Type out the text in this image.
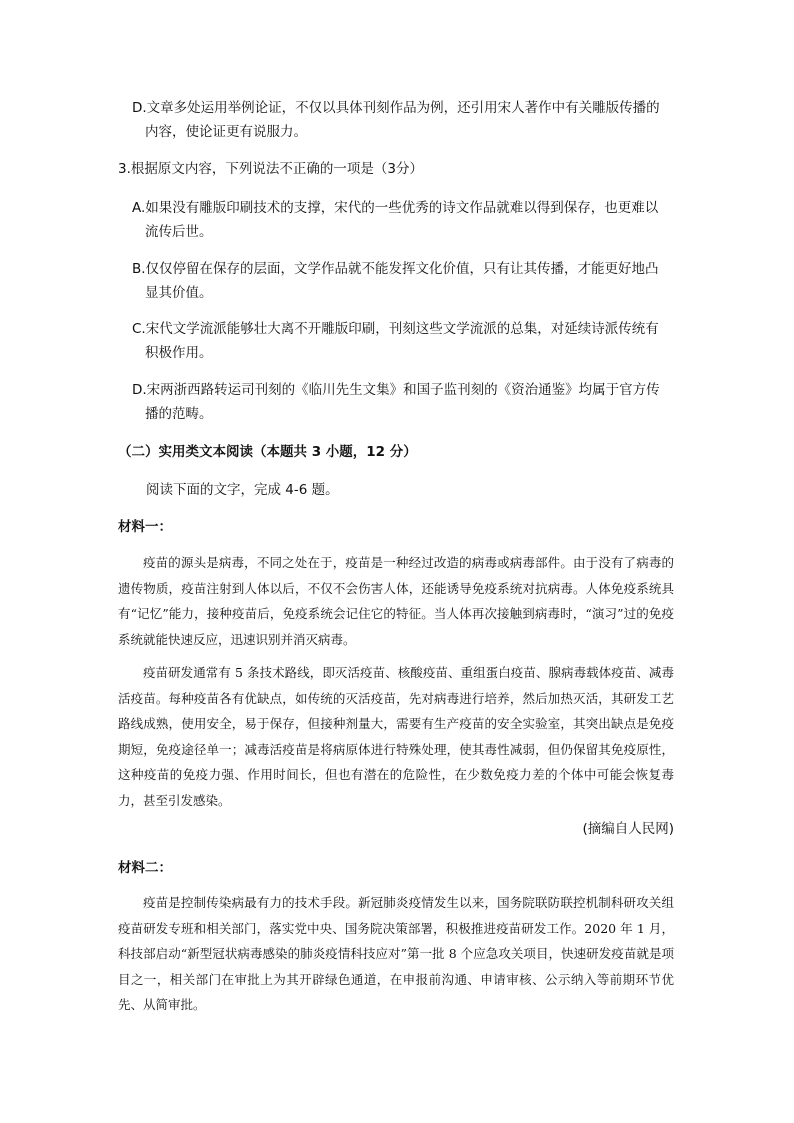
D.文章多处运用举例论证，不仅以具体刊刻作品为例，还引用宋人著作中有关雕版传播的
内容，使论证更有说服力。
3.根据原文内容，下列说法不正确的一项是（3分）
A.如果没有雕版印刷技术的支撑，宋代的一些优秀的诗文作品就难以得到保存，也更难以
流传后世。
B.仅仅停留在保存的层面，文学作品就不能发挥文化价值，只有让其传播，才能更好地凸
显其价值。
C.宋代文学流派能够壮大离不开雕版印刷，刊刻这些文学流派的总集，对延续诗派传统有
积极作用。
D.宋两浙西路转运司刊刻的《临川先生文集》和国子监刊刻的《资治通鉴》均属于官方传
播的范畴。
（二）实用类文本阅读（本题共 3 小题，12 分）
阅读下面的文字，完成 4-6 题。
材料一：
疫苗的源头是病毒，不同之处在于，疫苗是一种经过改造的病毒或病毒部件。由于没有了病毒的遗传物质，疫苗注射到人体以后，不仅不会伤害人体，还能诱导免疫系统对抗病毒。人体免疫系统具有“记忆”能力，接种疫苗后，免疫系统会记住它的特征。当人体再次接触到病毒时，“演习”过的免疫系统就能快速反应，迅速识别并消灭病毒。
疫苗研发通常有 5 条技术路线，即灭活疫苗、核酸疫苗、重组蛋白疫苗、腺病毒载体疫苗、减毒活疫苗。每种疫苗各有优缺点，如传统的灭活疫苗，先对病毒进行培养，然后加热灭活，其研发工艺路线成熟，使用安全，易于保存，但接种剂量大，需要有生产疫苗的安全实验室，其突出缺点是免疫期短，免疫途径单一；减毒活疫苗是将病原体进行特殊处理，使其毒性减弱，但仍保留其免疫原性，这种疫苗的免疫力强、作用时间长，但也有潜在的危险性，在少数免疫力差的个体中可能会恢复毒力，甚至引发感染。
(摘编自人民网)
材料二：
疫苗是控制传染病最有力的技术手段。新冠肺炎疫情发生以来，国务院联防联控机制科研攻关组疫苗研发专班和相关部门，落实党中央、国务院决策部署，积极推进疫苗研发工作。2020 年 1 月，科技部启动“新型冠状病毒感染的肺炎疫情科技应对”第一批 8 个应急攻关项目，快速研发疫苗就是项目之一，相关部门在审批上为其开辟绿色通道，在申报前沟通、申请审核、公示纳入等前期环节优先、从简审批。
